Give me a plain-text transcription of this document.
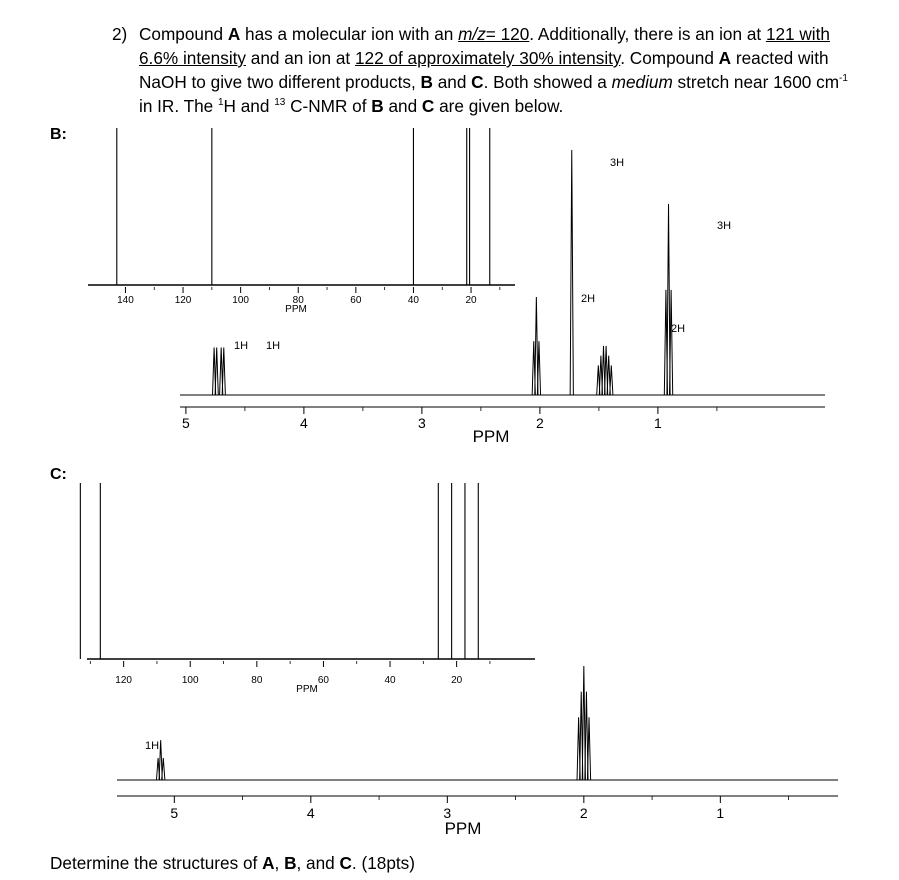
2) Compound A has a molecular ion with an m/z= 120. Additionally, there is an ion at 121 with 6.6% intensity and an ion at 122 of approximately 30% intensity. Compound A reacted with NaOH to give two different products, B and C. Both showed a medium stretch near 1600 $cm^{-1}$ in IR. The $^1$H and $^{13}$ C-NMR of B and C are given below.
B:
C:
140	120	100	80	60	40	20
PPM
5	4	3	2	1
PPM
1H 1H
2H
3H
2H
3H
120	100	80	60	40	20
PPM
5	4	3	2	1
PPM
1H
Determine the structures of A, B, and C. (18pts)
